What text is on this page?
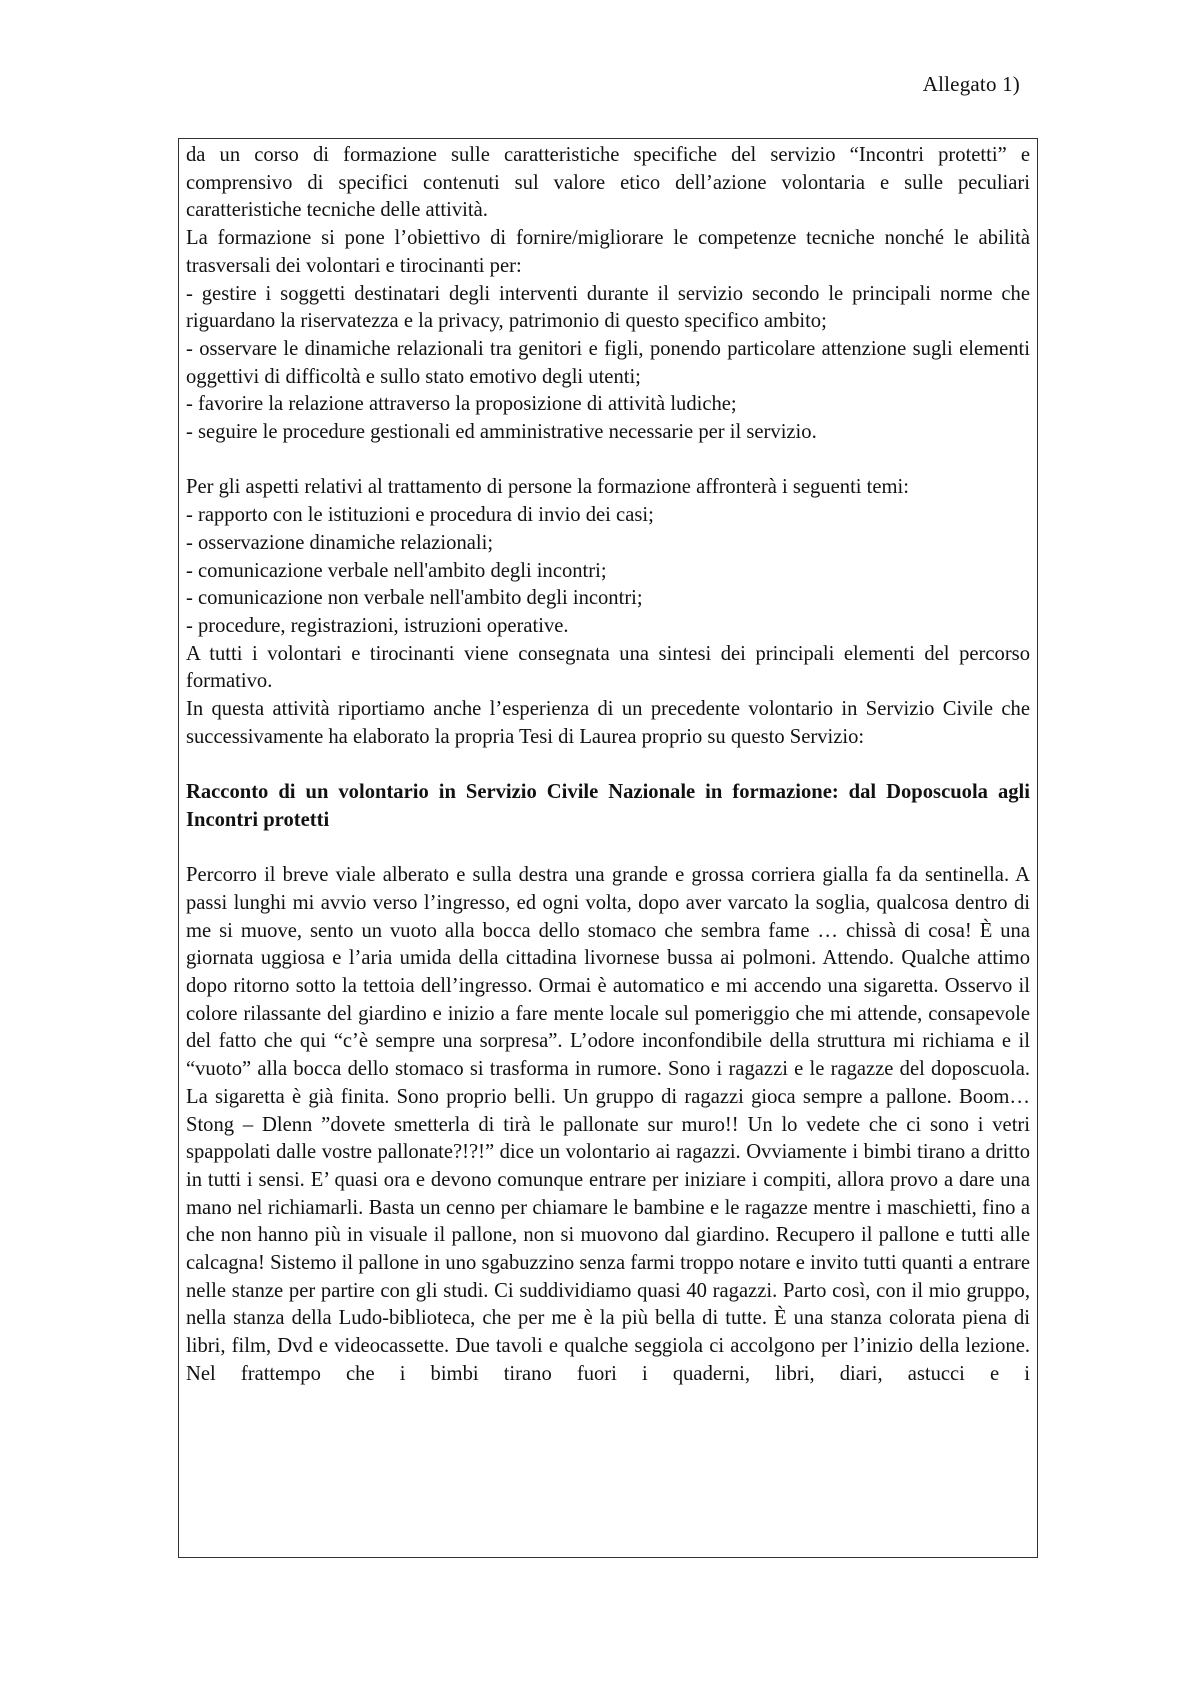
Allegato 1)

da un corso di formazione sulle caratteristiche specifiche del servizio “Incontri protetti” e comprensivo di specifici contenuti sul valore etico dell’azione volontaria e sulle peculiari caratteristiche tecniche delle attività.

La formazione si pone l’obiettivo di fornire/migliorare le competenze tecniche nonché le abilità trasversali dei volontari e tirocinanti per:

- gestire i soggetti destinatari degli interventi durante il servizio secondo le principali norme che riguardano la riservatezza e la privacy, patrimonio di questo specifico ambito;

- osservare le dinamiche relazionali tra genitori e figli, ponendo particolare attenzione sugli elementi oggettivi di difficoltà e sullo stato emotivo degli utenti;

- favorire la relazione attraverso la proposizione di attività ludiche;

- seguire le procedure gestionali ed amministrative necessarie per il servizio.

Per gli aspetti relativi al trattamento di persone la formazione affronterà i seguenti temi:

- rapporto con le istituzioni e procedura di invio dei casi;

- osservazione dinamiche relazionali;

- comunicazione verbale nell'ambito degli incontri;

- comunicazione non verbale nell'ambito degli incontri;

- procedure, registrazioni, istruzioni operative.

A tutti i volontari e tirocinanti viene consegnata una sintesi dei principali elementi del percorso formativo.

In questa attività riportiamo anche l’esperienza di un precedente volontario in Servizio Civile che successivamente ha elaborato la propria Tesi di Laurea proprio su questo Servizio:

Racconto di un volontario in Servizio Civile Nazionale in formazione: dal Doposcuola agli Incontri protetti

Percorro il breve viale alberato e sulla destra una grande e grossa corriera gialla fa da sentinella. A passi lunghi mi avvio verso l’ingresso, ed ogni volta, dopo aver varcato la soglia, qualcosa dentro di me si muove, sento un vuoto alla bocca dello stomaco che sembra fame … chissà di cosa! È una giornata uggiosa e l’aria umida della cittadina livornese bussa ai polmoni. Attendo. Qualche attimo dopo ritorno sotto la tettoia dell’ingresso. Ormai è automatico e mi accendo una sigaretta. Osservo il colore rilassante del giardino e inizio a fare mente locale sul pomeriggio che mi attende, consapevole del fatto che qui “c’è sempre una sorpresa”. L’odore inconfondibile della struttura mi richiama e il “vuoto” alla bocca dello stomaco si trasforma in rumore. Sono i ragazzi e le ragazze del doposcuola. La sigaretta è già finita. Sono proprio belli. Un gruppo di ragazzi gioca sempre a pallone. Boom…Stong – Dlenn ”dovete smetterla di tirà le pallonate sur muro!! Un lo vedete che ci sono i vetri spappolati dalle vostre pallonate?!?!” dice un volontario ai ragazzi. Ovviamente i bimbi tirano a dritto in tutti i sensi. E’ quasi ora e devono comunque entrare per iniziare i compiti, allora provo a dare una mano nel richiamarli. Basta un cenno per chiamare le bambine e le ragazze mentre i maschietti, fino a che non hanno più in visuale il pallone, non si muovono dal giardino. Recupero il pallone e tutti alle calcagna! Sistemo il pallone in uno sgabuzzino senza farmi troppo notare e invito tutti quanti a entrare nelle stanze per partire con gli studi. Ci suddividiamo quasi 40 ragazzi. Parto così, con il mio gruppo, nella stanza della Ludo-biblioteca, che per me è la più bella di tutte. È una stanza colorata piena di libri, film, Dvd e videocassette. Due tavoli e qualche seggiola ci accolgono per l’inizio della lezione. Nel frattempo che i bimbi tirano fuori i quaderni, libri, diari, astucci e i
